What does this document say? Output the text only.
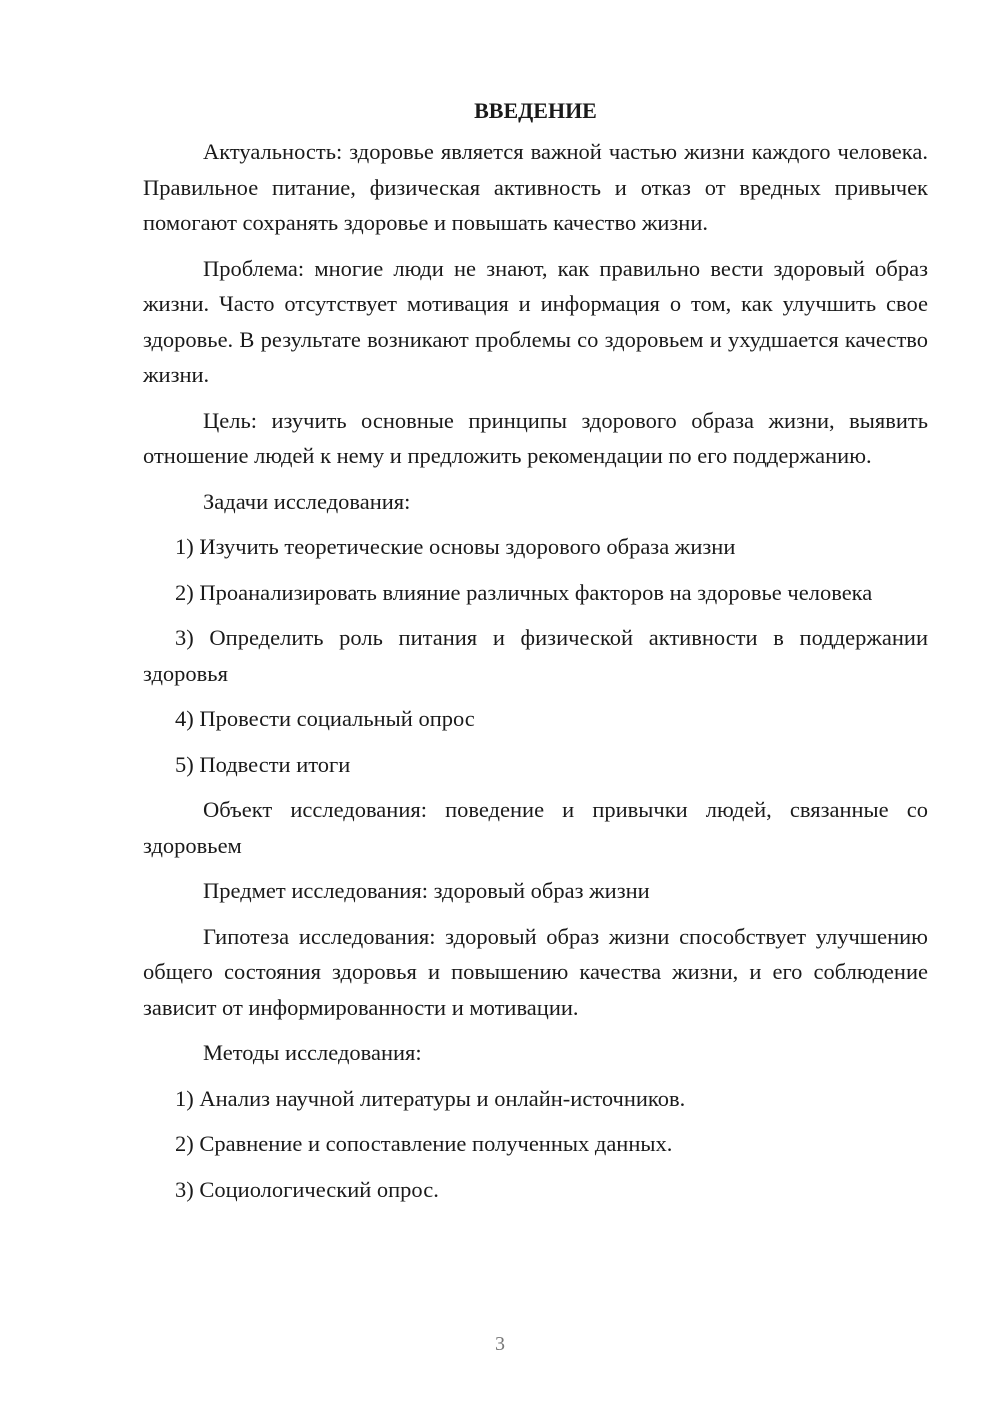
ВВЕДЕНИЕ
Актуальность: здоровье является важной частью жизни каждого человека. Правильное питание, физическая активность и отказ от вредных привычек помогают сохранять здоровье и повышать качество жизни.
Проблема: многие люди не знают, как правильно вести здоровый образ жизни. Часто отсутствует мотивация и информация о том, как улучшить свое здоровье. В результате возникают проблемы со здоровьем и ухудшается качество жизни.
Цель: изучить основные принципы здорового образа жизни, выявить отношение людей к нему и предложить рекомендации по его поддержанию.
Задачи исследования:
1) Изучить теоретические основы здорового образа жизни
2) Проанализировать влияние различных факторов на здоровье человека
3) Определить роль питания и физической активности в поддержании здоровья
4) Провести социальный опрос
5) Подвести итоги
Объект исследования: поведение и привычки людей, связанные со здоровьем
Предмет исследования: здоровый образ жизни
Гипотеза исследования: здоровый образ жизни способствует улучшению общего состояния здоровья и повышению качества жизни, и его соблюдение зависит от информированности и мотивации.
Методы исследования:
1) Анализ научной литературы и онлайн-источников.
2) Сравнение и сопоставление полученных данных.
3) Социологический опрос.
3
